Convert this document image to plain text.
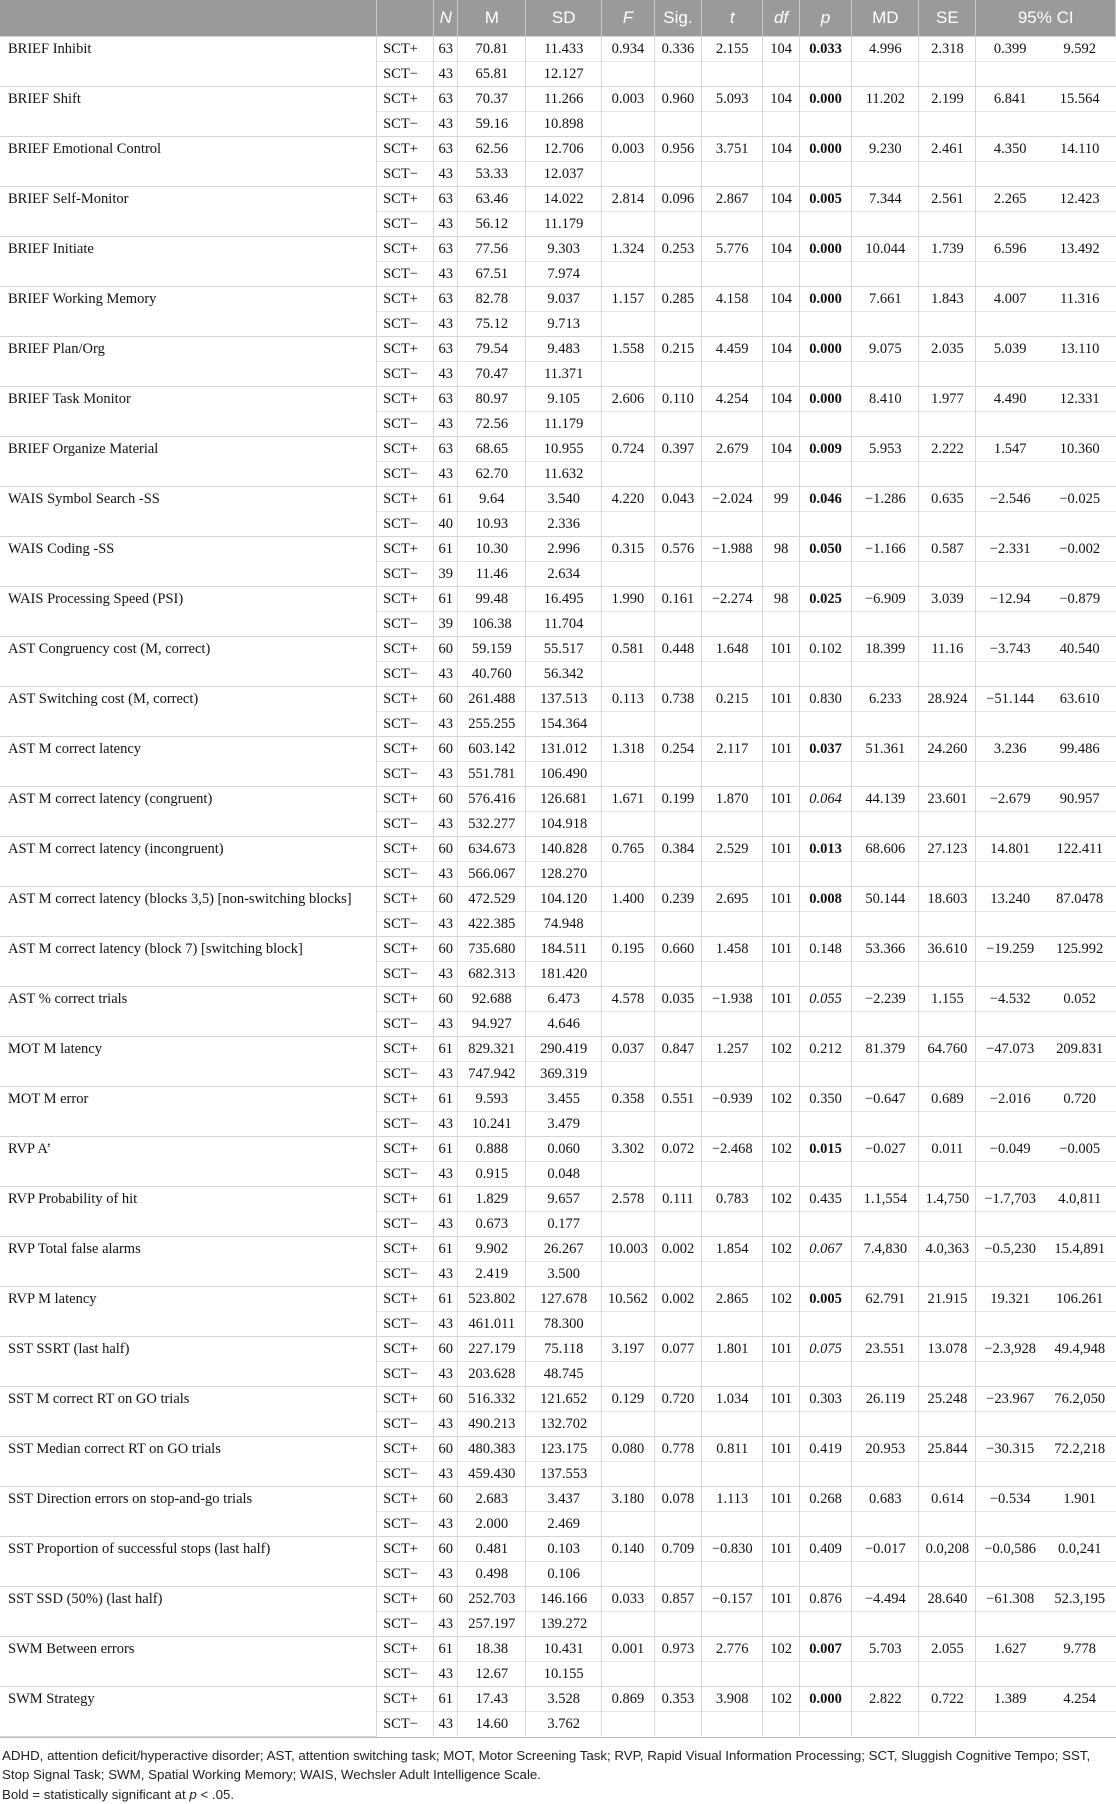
		N	M	SD	F	Sig.	t	df	p	MD	SE	95% CI	
BRIEF Inhibit	SCT+	63	70.81	11.433	0.934	0.336	2.155	104	0.033	4.996	2.318	0.399	9.592
	SCT−	43	65.81	12.127									
BRIEF Shift	SCT+	63	70.37	11.266	0.003	0.960	5.093	104	0.000	11.202	2.199	6.841	15.564
	SCT−	43	59.16	10.898									
BRIEF Emotional Control	SCT+	63	62.56	12.706	0.003	0.956	3.751	104	0.000	9.230	2.461	4.350	14.110
	SCT−	43	53.33	12.037									
BRIEF Self-Monitor	SCT+	63	63.46	14.022	2.814	0.096	2.867	104	0.005	7.344	2.561	2.265	12.423
	SCT−	43	56.12	11.179									
BRIEF Initiate	SCT+	63	77.56	9.303	1.324	0.253	5.776	104	0.000	10.044	1.739	6.596	13.492
	SCT−	43	67.51	7.974									
BRIEF Working Memory	SCT+	63	82.78	9.037	1.157	0.285	4.158	104	0.000	7.661	1.843	4.007	11.316
	SCT−	43	75.12	9.713									
BRIEF Plan/Org	SCT+	63	79.54	9.483	1.558	0.215	4.459	104	0.000	9.075	2.035	5.039	13.110
	SCT−	43	70.47	11.371									
BRIEF Task Monitor	SCT+	63	80.97	9.105	2.606	0.110	4.254	104	0.000	8.410	1.977	4.490	12.331
	SCT−	43	72.56	11.179									
BRIEF Organize Material	SCT+	63	68.65	10.955	0.724	0.397	2.679	104	0.009	5.953	2.222	1.547	10.360
	SCT−	43	62.70	11.632									
WAIS Symbol Search -SS	SCT+	61	9.64	3.540	4.220	0.043	−2.024	99	0.046	−1.286	0.635	−2.546	−0.025
	SCT−	40	10.93	2.336									
WAIS Coding -SS	SCT+	61	10.30	2.996	0.315	0.576	−1.988	98	0.050	−1.166	0.587	−2.331	−0.002
	SCT−	39	11.46	2.634									
WAIS Processing Speed (PSI)	SCT+	61	99.48	16.495	1.990	0.161	−2.274	98	0.025	−6.909	3.039	−12.94	−0.879
	SCT−	39	106.38	11.704									
AST Congruency cost (M, correct)	SCT+	60	59.159	55.517	0.581	0.448	1.648	101	0.102	18.399	11.16	−3.743	40.540
	SCT−	43	40.760	56.342									
AST Switching cost (M, correct)	SCT+	60	261.488	137.513	0.113	0.738	0.215	101	0.830	6.233	28.924	−51.144	63.610
	SCT−	43	255.255	154.364									
AST M correct latency	SCT+	60	603.142	131.012	1.318	0.254	2.117	101	0.037	51.361	24.260	3.236	99.486
	SCT−	43	551.781	106.490									
AST M correct latency (congruent)	SCT+	60	576.416	126.681	1.671	0.199	1.870	101	0.064	44.139	23.601	−2.679	90.957
	SCT−	43	532.277	104.918									
AST M correct latency (incongruent)	SCT+	60	634.673	140.828	0.765	0.384	2.529	101	0.013	68.606	27.123	14.801	122.411
	SCT−	43	566.067	128.270									
AST M correct latency (blocks 3,5) [non-switching blocks]	SCT+	60	472.529	104.120	1.400	0.239	2.695	101	0.008	50.144	18.603	13.240	87.0478
	SCT−	43	422.385	74.948									
AST M correct latency (block 7) [switching block]	SCT+	60	735.680	184.511	0.195	0.660	1.458	101	0.148	53.366	36.610	−19.259	125.992
	SCT−	43	682.313	181.420									
AST % correct trials	SCT+	60	92.688	6.473	4.578	0.035	−1.938	101	0.055	−2.239	1.155	−4.532	0.052
	SCT−	43	94.927	4.646									
MOT M latency	SCT+	61	829.321	290.419	0.037	0.847	1.257	102	0.212	81.379	64.760	−47.073	209.831
	SCT−	43	747.942	369.319									
MOT M error	SCT+	61	9.593	3.455	0.358	0.551	−0.939	102	0.350	−0.647	0.689	−2.016	0.720
	SCT−	43	10.241	3.479									
RVP A’	SCT+	61	0.888	0.060	3.302	0.072	−2.468	102	0.015	−0.027	0.011	−0.049	−0.005
	SCT−	43	0.915	0.048									
RVP Probability of hit	SCT+	61	1.829	9.657	2.578	0.111	0.783	102	0.435	1.1,554	1.4,750	−1.7,703	4.0,811
	SCT−	43	0.673	0.177									
RVP Total false alarms	SCT+	61	9.902	26.267	10.003	0.002	1.854	102	0.067	7.4,830	4.0,363	−0.5,230	15.4,891
	SCT−	43	2.419	3.500									
RVP M latency	SCT+	61	523.802	127.678	10.562	0.002	2.865	102	0.005	62.791	21.915	19.321	106.261
	SCT−	43	461.011	78.300									
SST SSRT (last half)	SCT+	60	227.179	75.118	3.197	0.077	1.801	101	0.075	23.551	13.078	−2.3,928	49.4,948
	SCT−	43	203.628	48.745									
SST M correct RT on GO trials	SCT+	60	516.332	121.652	0.129	0.720	1.034	101	0.303	26.119	25.248	−23.967	76.2,050
	SCT−	43	490.213	132.702									
SST Median correct RT on GO trials	SCT+	60	480.383	123.175	0.080	0.778	0.811	101	0.419	20.953	25.844	−30.315	72.2,218
	SCT−	43	459.430	137.553									
SST Direction errors on stop-and-go trials	SCT+	60	2.683	3.437	3.180	0.078	1.113	101	0.268	0.683	0.614	−0.534	1.901
	SCT−	43	2.000	2.469									
SST Proportion of successful stops (last half)	SCT+	60	0.481	0.103	0.140	0.709	−0.830	101	0.409	−0.017	0.0,208	−0.0,586	0.0,241
	SCT−	43	0.498	0.106									
SST SSD (50%) (last half)	SCT+	60	252.703	146.166	0.033	0.857	−0.157	101	0.876	−4.494	28.640	−61.308	52.3,195
	SCT−	43	257.197	139.272									
SWM Between errors	SCT+	61	18.38	10.431	0.001	0.973	2.776	102	0.007	5.703	2.055	1.627	9.778
	SCT−	43	12.67	10.155									
SWM Strategy	SCT+	61	17.43	3.528	0.869	0.353	3.908	102	0.000	2.822	0.722	1.389	4.254
	SCT−	43	14.60	3.762									
ADHD, attention deficit/hyperactive disorder; AST, attention switching task; MOT, Motor Screening Task; RVP, Rapid Visual Information Processing; SCT, Sluggish Cognitive Tempo; SST, Stop Signal Task; SWM, Spatial Working Memory; WAIS, Wechsler Adult Intelligence Scale.
Bold = statistically significant at p < .05.
